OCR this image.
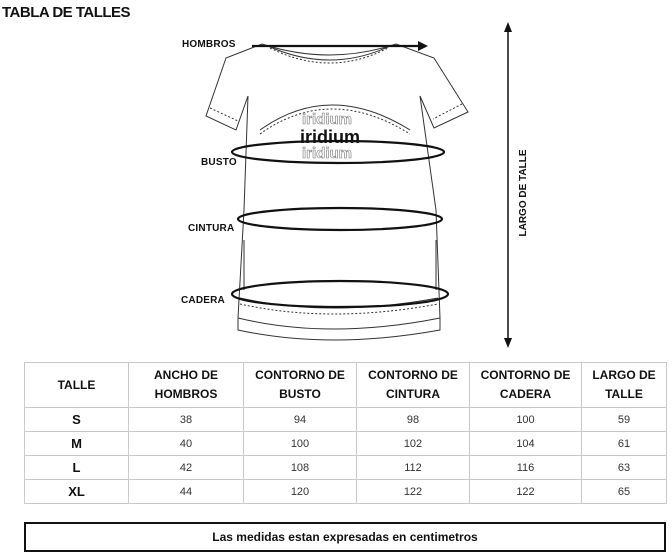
TABLA DE TALLES
iridium
iridium
iridium
HOMBROS
BUSTO
CINTURA
CADERA
LARGO DE TALLE
TALLE	ANCHO DE HOMBROS	CONTORNO DE BUSTO	CONTORNO DE CINTURA	CONTORNO DE CADERA	LARGO DE TALLE
S	38	94	98	100	59
M	40	100	102	104	61
L	42	108	112	116	63
XL	44	120	122	122	65
Las medidas estan expresadas en centimetros
